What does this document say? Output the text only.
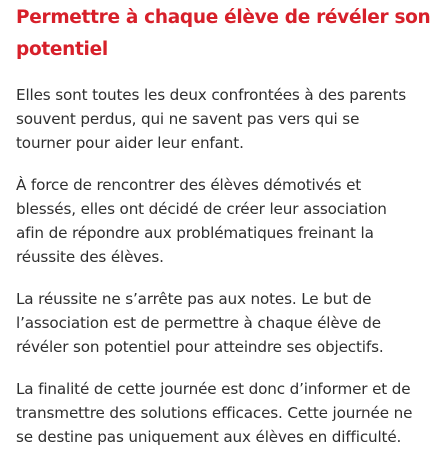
Permettre à chaque élève de révéler son
potentiel

Elles sont toutes les deux confrontées à des parents
souvent perdus, qui ne savent pas vers qui se
tourner pour aider leur enfant.

À force de rencontrer des élèves démotivés et
blessés, elles ont décidé de créer leur association
afin de répondre aux problématiques freinant la
réussite des élèves.

La réussite ne s’arrête pas aux notes. Le but de
l’association est de permettre à chaque élève de
révéler son potentiel pour atteindre ses objectifs.

La finalité de cette journée est donc d’informer et de
transmettre des solutions efficaces. Cette journée ne
se destine pas uniquement aux élèves en difficulté.
